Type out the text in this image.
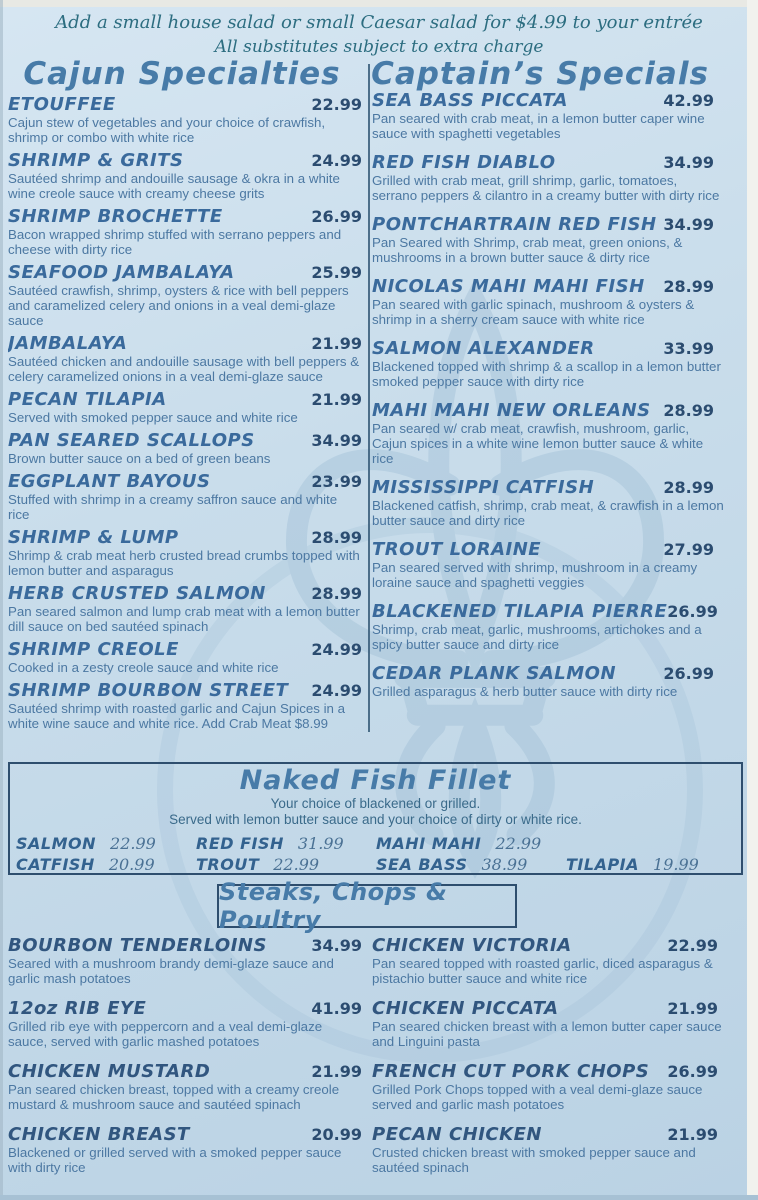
Add a small house salad or small Caesar salad for $4.99 to your entrée
All substitutes subject to extra charge
Cajun Specialties Captain’s Specials
ETOUFFEE	22.99
Cajun stew of vegetables and your choice of crawfish, shrimp or combo with white rice
SHRIMP & GRITS	24.99
Sautéed shrimp and andouille sausage & okra in a white wine creole sauce with creamy cheese grits
SHRIMP BROCHETTE	26.99
Bacon wrapped shrimp stuffed with serrano peppers and cheese with dirty rice
SEAFOOD JAMBALAYA	25.99
Sautéed crawfish, shrimp, oysters & rice with bell peppers and caramelized celery and onions in a veal demi-glaze sauce
JAMBALAYA	21.99
Sautéed chicken and andouille sausage with bell peppers & celery caramelized onions in a veal demi-glaze sauce
PECAN TILAPIA	21.99
Served with smoked pepper sauce and white rice
PAN SEARED SCALLOPS	34.99
Brown butter sauce on a bed of green beans
EGGPLANT BAYOUS	23.99
Stuffed with shrimp in a creamy saffron sauce and white rice
SHRIMP & LUMP	28.99
Shrimp & crab meat herb crusted bread crumbs topped with lemon butter and asparagus
HERB CRUSTED SALMON	28.99
Pan seared salmon and lump crab meat with a lemon butter dill sauce on bed sautéed spinach
SHRIMP CREOLE	24.99
Cooked in a zesty creole sauce and white rice
SHRIMP BOURBON STREET 24.99
Sautéed shrimp with roasted garlic and Cajun Spices in a white wine sauce and white rice. Add Crab Meat $8.99
SEA BASS PICCATA	42.99
Pan seared with crab meat, in a lemon butter caper wine sauce with spaghetti vegetables
RED FISH DIABLO	34.99
Grilled with crab meat, grill shrimp, garlic, tomatoes, serrano peppers & cilantro in a creamy butter with dirty rice
PONTCHARTRAIN RED FISH 34.99
Pan Seared with Shrimp, crab meat, green onions, & mushrooms in a brown butter sauce & dirty rice
NICOLAS MAHI MAHI FISH 28.99
Pan seared with garlic spinach, mushroom & oysters & shrimp in a sherry cream sauce with white rice
SALMON ALEXANDER	33.99
Blackened topped with shrimp & a scallop in a lemon butter smoked pepper sauce with dirty rice
MAHI MAHI NEW ORLEANS 28.99
Pan seared w/ crab meat, crawfish, mushroom, garlic, Cajun spices in a white wine lemon butter sauce & white rice
MISSISSIPPI CATFISH	28.99
Blackened catfish, shrimp, crab meat, & crawfish in a lemon butter sauce and dirty rice
TROUT LORAINE	27.99
Pan seared served with shrimp, mushroom in a creamy loraine sauce and spaghetti veggies
BLACKENED TILAPIA PIERRE 26.99
Shrimp, crab meat, garlic, mushrooms, artichokes and a spicy butter sauce and dirty rice
CEDAR PLANK SALMON	26.99
Grilled asparagus & herb butter sauce with dirty rice
Naked Fish Fillet
Your choice of blackened or grilled.
Served with lemon butter sauce and your choice of dirty or white rice.
SALMON 22.99	RED FISH 31.99 MAHI MAHI 22.99
CATFISH 20.99	TROUT 22.99	SEA BASS 38.99 TILAPIA 19.99
Steaks, Chops & Poultry
BOURBON TENDERLOINS	34.99
Seared with a mushroom brandy demi-glaze sauce and garlic mash potatoes
12oz RIB EYE	41.99
Grilled rib eye with peppercorn and a veal demi-glaze sauce, served with garlic mashed potatoes
CHICKEN MUSTARD	21.99
Pan seared chicken breast, topped with a creamy creole mustard & mushroom sauce and sautéed spinach
CHICKEN BREAST	20.99
Blackened or grilled served with a smoked pepper sauce with dirty rice
CHICKEN VICTORIA	22.99
Pan seared topped with roasted garlic, diced asparagus & pistachio butter sauce and white rice
CHICKEN PICCATA	21.99
Pan seared chicken breast with a lemon butter caper sauce and Linguini pasta
FRENCH CUT PORK CHOPS 26.99
Grilled Pork Chops topped with a veal demi-glaze sauce served and garlic mash potatoes
PECAN CHICKEN	21.99
Crusted chicken breast with smoked pepper sauce and sautéed spinach
